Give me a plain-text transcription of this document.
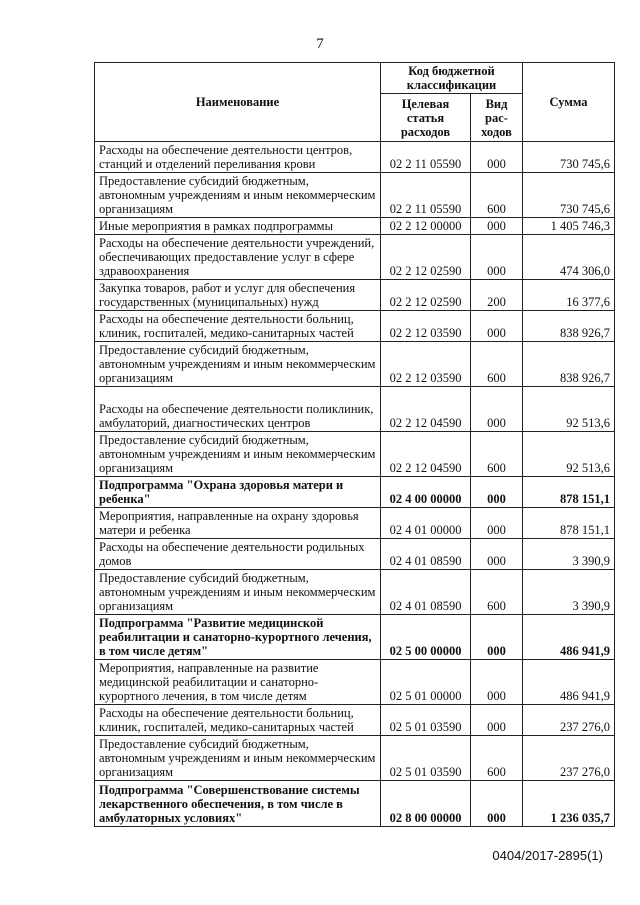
7
Наименование	Код бюджетной классификации		Сумма
	Целевая статья расходов	Вид рас-ходов	
Расходы на обеспечение деятельности центров, станций и отделений переливания крови	02 2 11 05590	000	730 745,6
Предоставление субсидий бюджетным, автономным учреждениям и иным некоммерческим организациям	02 2 11 05590	600	730 745,6
Иные мероприятия в рамках подпрограммы	02 2 12 00000	000	1 405 746,3
Расходы на обеспечение деятельности учреждений, обеспечивающих предоставление услуг в сфере здравоохранения	02 2 12 02590	000	474 306,0
Закупка товаров, работ и услуг для обеспечения государственных (муниципальных) нужд	02 2 12 02590	200	16 377,6
Расходы на обеспечение деятельности больниц, клиник, госпиталей, медико-санитарных частей	02 2 12 03590	000	838 926,7
Предоставление субсидий бюджетным, автономным учреждениям и иным некоммерческим организациям	02 2 12 03590	600	838 926,7
Расходы на обеспечение деятельности поликлиник, амбулаторий, диагностических центров	02 2 12 04590	000	92 513,6
Предоставление субсидий бюджетным, автономным учреждениям и иным некоммерческим организациям	02 2 12 04590	600	92 513,6
Подпрограмма "Охрана здоровья матери и ребенка"	02 4 00 00000	000	878 151,1
Мероприятия, направленные на охрану здоровья матери и ребенка	02 4 01 00000	000	878 151,1
Расходы на обеспечение деятельности родильных домов	02 4 01 08590	000	3 390,9
Предоставление субсидий бюджетным, автономным учреждениям и иным некоммерческим организациям	02 4 01 08590	600	3 390,9
Подпрограмма "Развитие медицинской реабилитации и санаторно-курортного лечения, в том числе детям"	02 5 00 00000	000	486 941,9
Мероприятия, направленные на развитие медицинской реабилитации и санаторно-курортного лечения, в том числе детям	02 5 01 00000	000	486 941,9
Расходы на обеспечение деятельности больниц, клиник, госпиталей, медико-санитарных частей	02 5 01 03590	000	237 276,0
Предоставление субсидий бюджетным, автономным учреждениям и иным некоммерческим организациям	02 5 01 03590	600	237 276,0
Подпрограмма "Совершенствование системы лекарственного обеспечения, в том числе в амбулаторных условиях"	02 8 00 00000	000	1 236 035,7
0404/2017-2895(1)
